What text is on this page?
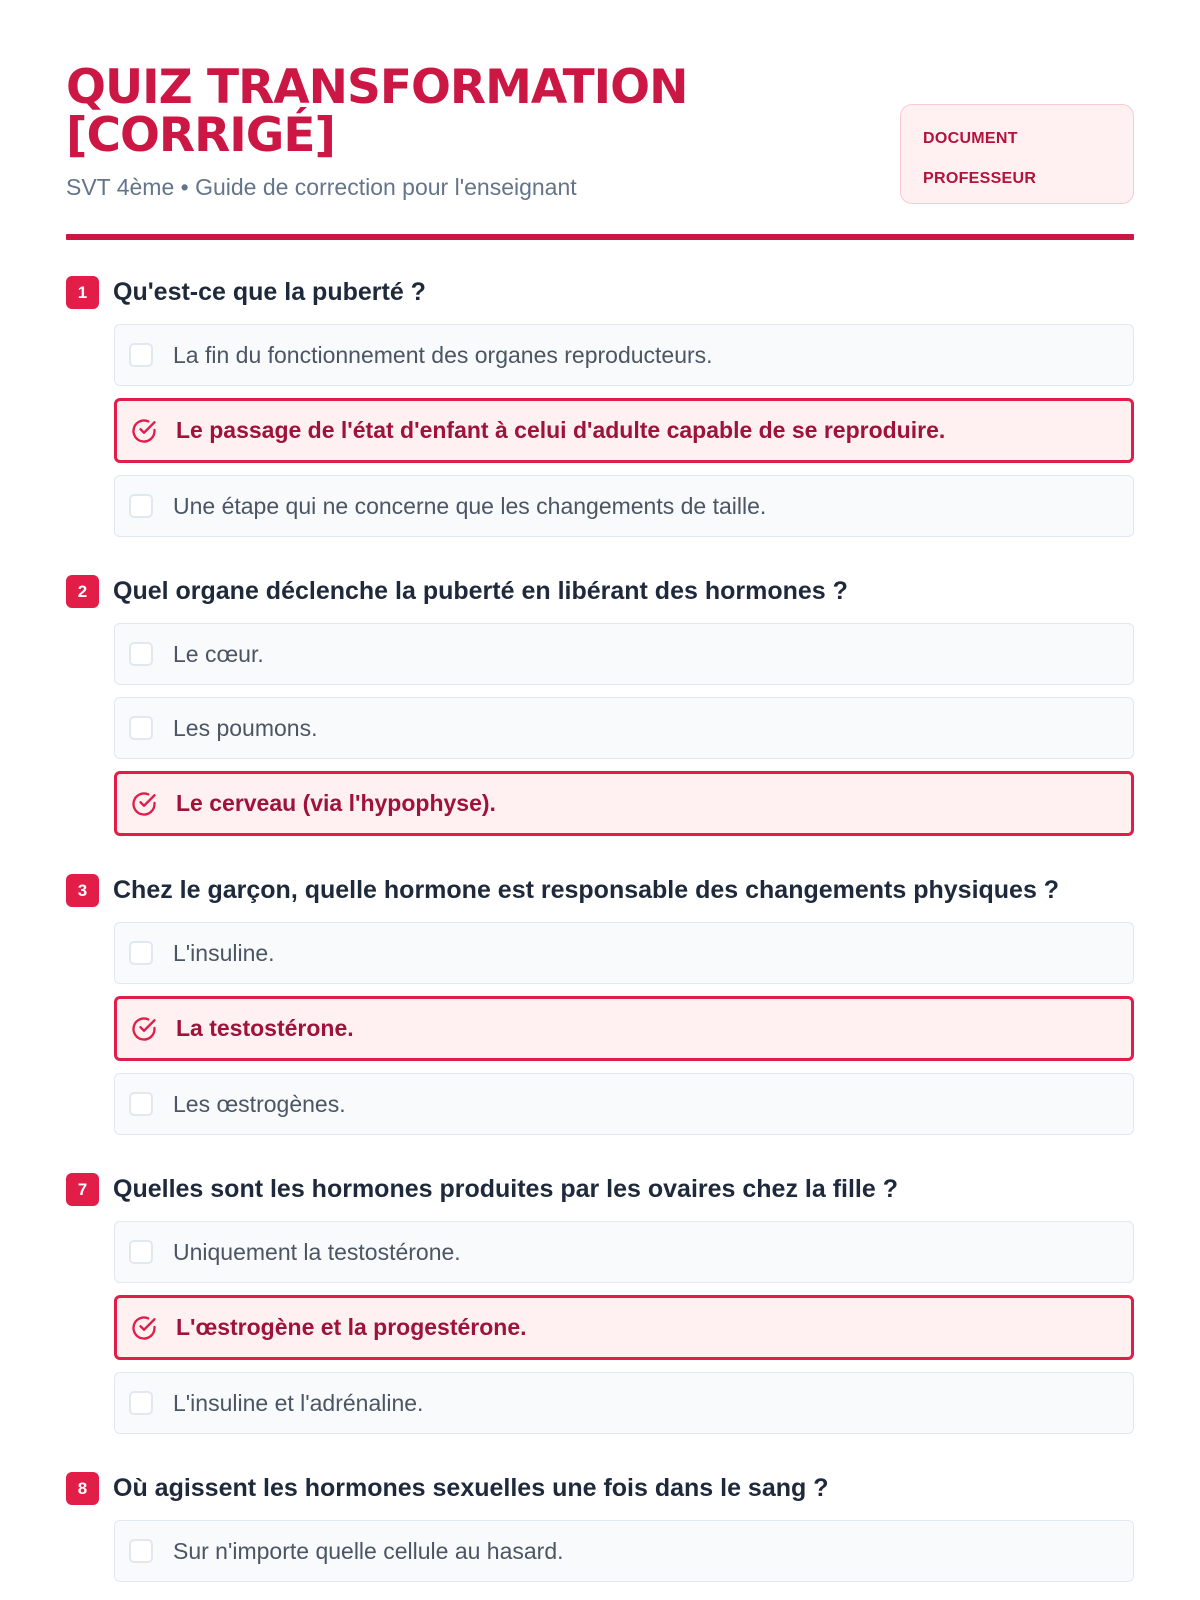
QUIZ TRANSFORMATION
[CORRIGÉ]
SVT 4ème • Guide de correction pour l'enseignant
DOCUMENT
PROFESSEUR
1	Qu'est-ce que la puberté ?
La fin du fonctionnement des organes reproducteurs.
Le passage de l'état d'enfant à celui d'adulte capable de se reproduire.
Une étape qui ne concerne que les changements de taille.
2	Quel organe déclenche la puberté en libérant des hormones ?
Le cœur.
Les poumons.
Le cerveau (via l'hypophyse).
3	Chez le garçon, quelle hormone est responsable des changements physiques ?
L'insuline.
La testostérone.
Les œstrogènes.
7	Quelles sont les hormones produites par les ovaires chez la fille ?
Uniquement la testostérone.
L'œstrogène et la progestérone.
L'insuline et l'adrénaline.
8	Où agissent les hormones sexuelles une fois dans le sang ?
Sur n'importe quelle cellule au hasard.
